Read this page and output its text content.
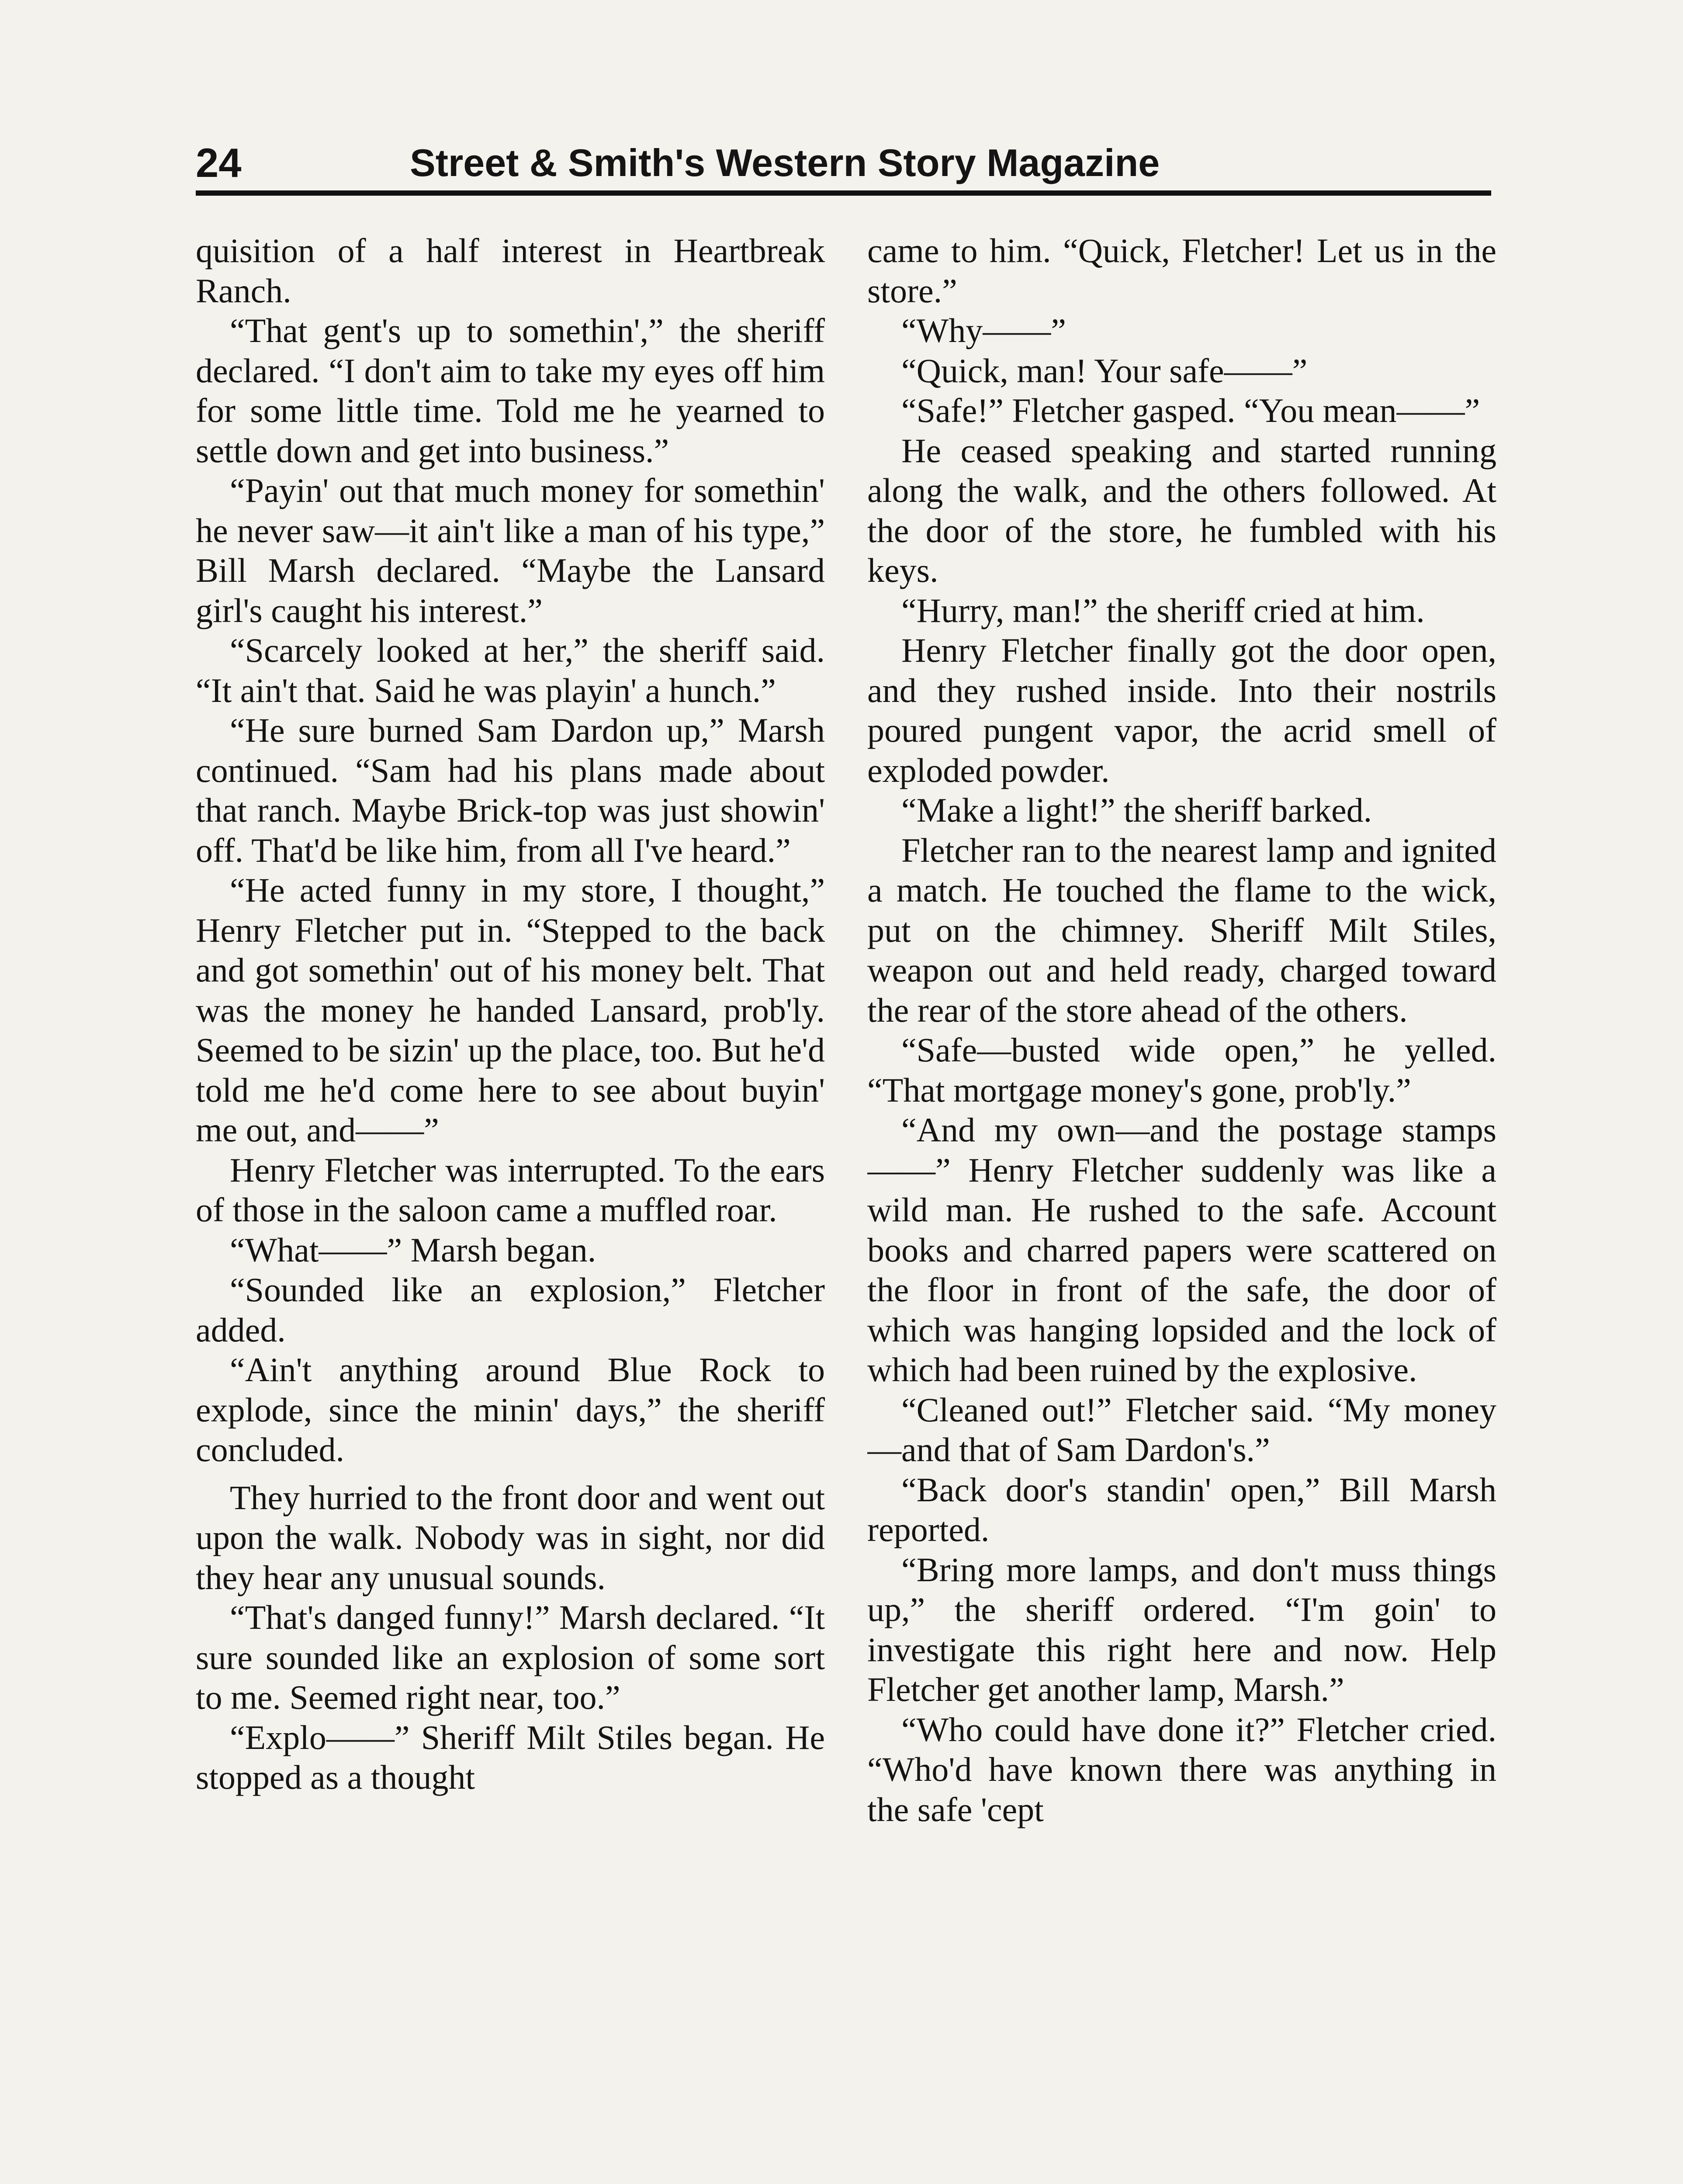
24	Street & Smith's Western Story Magazine

quisition of a half interest in Heartbreak Ranch.

“That gent's up to somethin',” the sheriff declared. “I don't aim to take my eyes off him for some little time. Told me he yearned to settle down and get into business.”

“Payin' out that much money for somethin' he never saw—it ain't like a man of his type,” Bill Marsh declared. “Maybe the Lansard girl's caught his interest.”

“Scarcely looked at her,” the sheriff said. “It ain't that. Said he was playin' a hunch.”

“He sure burned Sam Dardon up,” Marsh continued. “Sam had his plans made about that ranch. Maybe Brick-top was just showin' off. That'd be like him, from all I've heard.”

“He acted funny in my store, I thought,” Henry Fletcher put in. “Stepped to the back and got somethin' out of his money belt. That was the money he handed Lansard, prob'ly. Seemed to be sizin' up the place, too. But he'd told me he'd come here to see about buyin' me out, and——”

Henry Fletcher was interrupted. To the ears of those in the saloon came a muffled roar.

“What——” Marsh began.

“Sounded like an explosion,” Fletcher added.

“Ain't anything around Blue Rock to explode, since the minin' days,” the sheriff concluded.

They hurried to the front door and went out upon the walk. Nobody was in sight, nor did they hear any unusual sounds.

“That's danged funny!” Marsh declared. “It sure sounded like an explosion of some sort to me. Seemed right near, too.”

“Explo——” Sheriff Milt Stiles began. He stopped as a thought

came to him. “Quick, Fletcher! Let us in the store.”

“Why——”

“Quick, man! Your safe——”

“Safe!” Fletcher gasped. “You mean——”

He ceased speaking and started running along the walk, and the others followed. At the door of the store, he fumbled with his keys.

“Hurry, man!” the sheriff cried at him.

Henry Fletcher finally got the door open, and they rushed inside. Into their nostrils poured pungent vapor, the acrid smell of exploded powder.

“Make a light!” the sheriff barked.

Fletcher ran to the nearest lamp and ignited a match. He touched the flame to the wick, put on the chimney. Sheriff Milt Stiles, weapon out and held ready, charged toward the rear of the store ahead of the others.

“Safe—busted wide open,” he yelled. “That mortgage money's gone, prob'ly.”

“And my own—and the postage stamps——” Henry Fletcher suddenly was like a wild man. He rushed to the safe. Account books and charred papers were scattered on the floor in front of the safe, the door of which was hanging lopsided and the lock of which had been ruined by the explosive.

“Cleaned out!” Fletcher said. “My money—and that of Sam Dardon's.”

“Back door's standin' open,” Bill Marsh reported.

“Bring more lamps, and don't muss things up,” the sheriff ordered. “I'm goin' to investigate this right here and now. Help Fletcher get another lamp, Marsh.”

“Who could have done it?” Fletcher cried. “Who'd have known there was anything in the safe 'cept
